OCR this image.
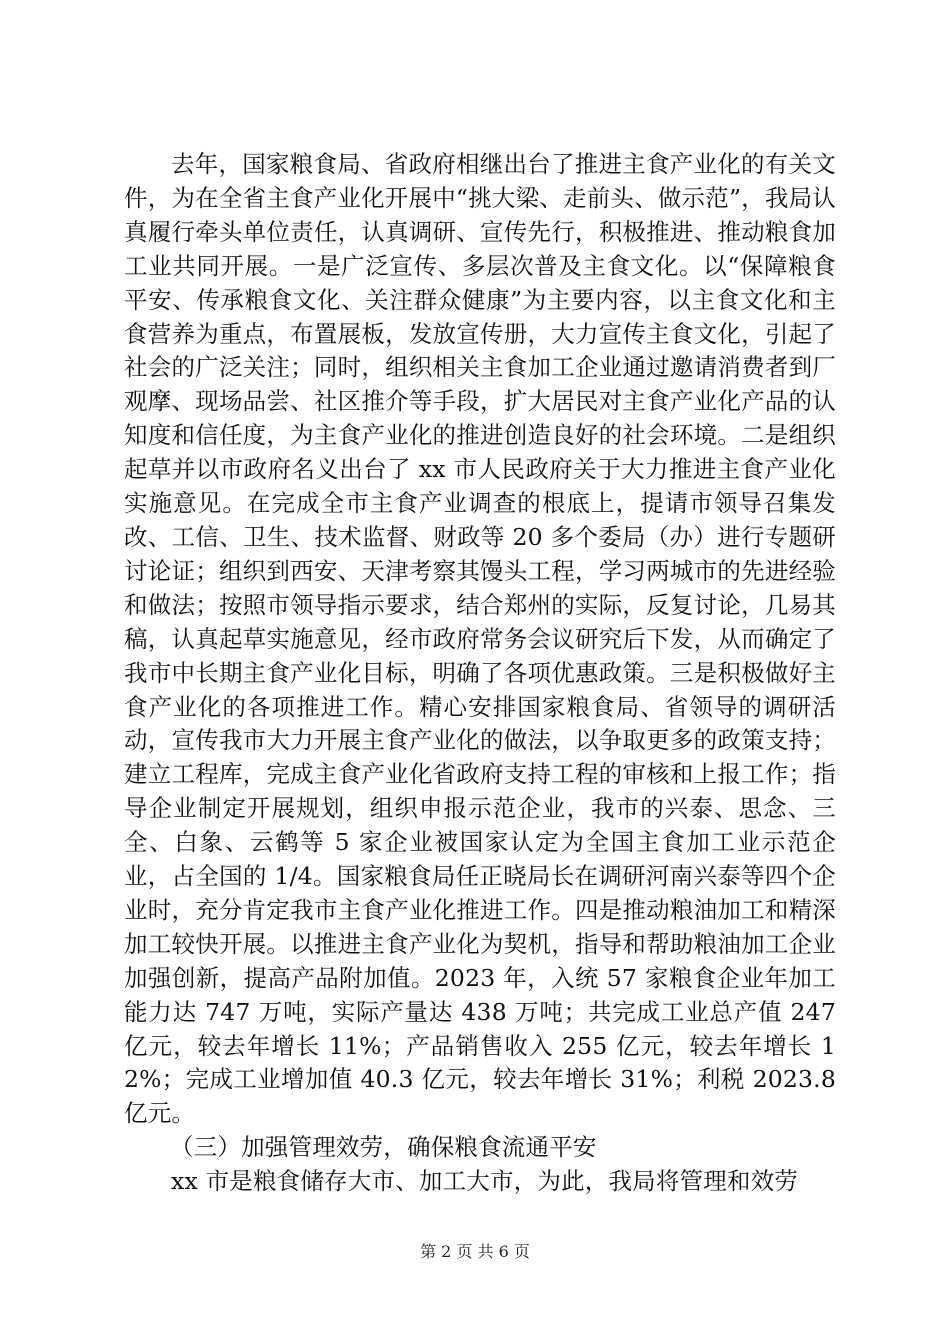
去年，国家粮食局、省政府相继出台了推进主食产业化的有关文件，为在全省主食产业化开展中“挑大梁、走前头、做示范”，我局认真履行牵头单位责任，认真调研、宣传先行，积极推进、推动粮食加工业共同开展。一是广泛宣传、多层次普及主食文化。以“保障粮食平安、传承粮食文化、关注群众健康”为主要内容，以主食文化和主食营养为重点，布置展板，发放宣传册，大力宣传主食文化，引起了社会的广泛关注；同时，组织相关主食加工企业通过邀请消费者到厂观摩、现场品尝、社区推介等手段，扩大居民对主食产业化产品的认知度和信任度，为主食产业化的推进创造良好的社会环境。二是组织起草并以市政府名义出台了 xx 市人民政府关于大力推进主食产业化实施意见。在完成全市主食产业调查的根底上，提请市领导召集发改、工信、卫生、技术监督、财政等 20 多个委局（办）进行专题研讨论证；组织到西安、天津考察其馒头工程，学习两城市的先进经验和做法；按照市领导指示要求，结合郑州的实际，反复讨论，几易其稿，认真起草实施意见，经市政府常务会议研究后下发，从而确定了我市中长期主食产业化目标，明确了各项优惠政策。三是积极做好主食产业化的各项推进工作。精心安排国家粮食局、省领导的调研活动，宣传我市大力开展主食产业化的做法，以争取更多的政策支持；建立工程库，完成主食产业化省政府支持工程的审核和上报工作；指导企业制定开展规划，组织申报示范企业，我市的兴泰、思念、三全、白象、云鹤等 5 家企业被国家认定为全国主食加工业示范企业，占全国的 1/4。国家粮食局任正晓局长在调研河南兴泰等四个企业时，充分肯定我市主食产业化推进工作。四是推动粮油加工和精深加工较快开展。以推进主食产业化为契机，指导和帮助粮油加工企业加强创新，提高产品附加值。2023 年，入统 57 家粮食企业年加工能力达 747 万吨，实际产量达 438 万吨；共完成工业总产值 247 亿元，较去年增长 11%；产品销售收入 255 亿元，较去年增长 12%；完成工业增加值 40.3 亿元，较去年增长 31%；利税 2023.8 亿元。

（三）加强管理效劳，确保粮食流通平安

xx 市是粮食储存大市、加工大市，为此，我局将管理和效劳

第 2 页 共 6 页
